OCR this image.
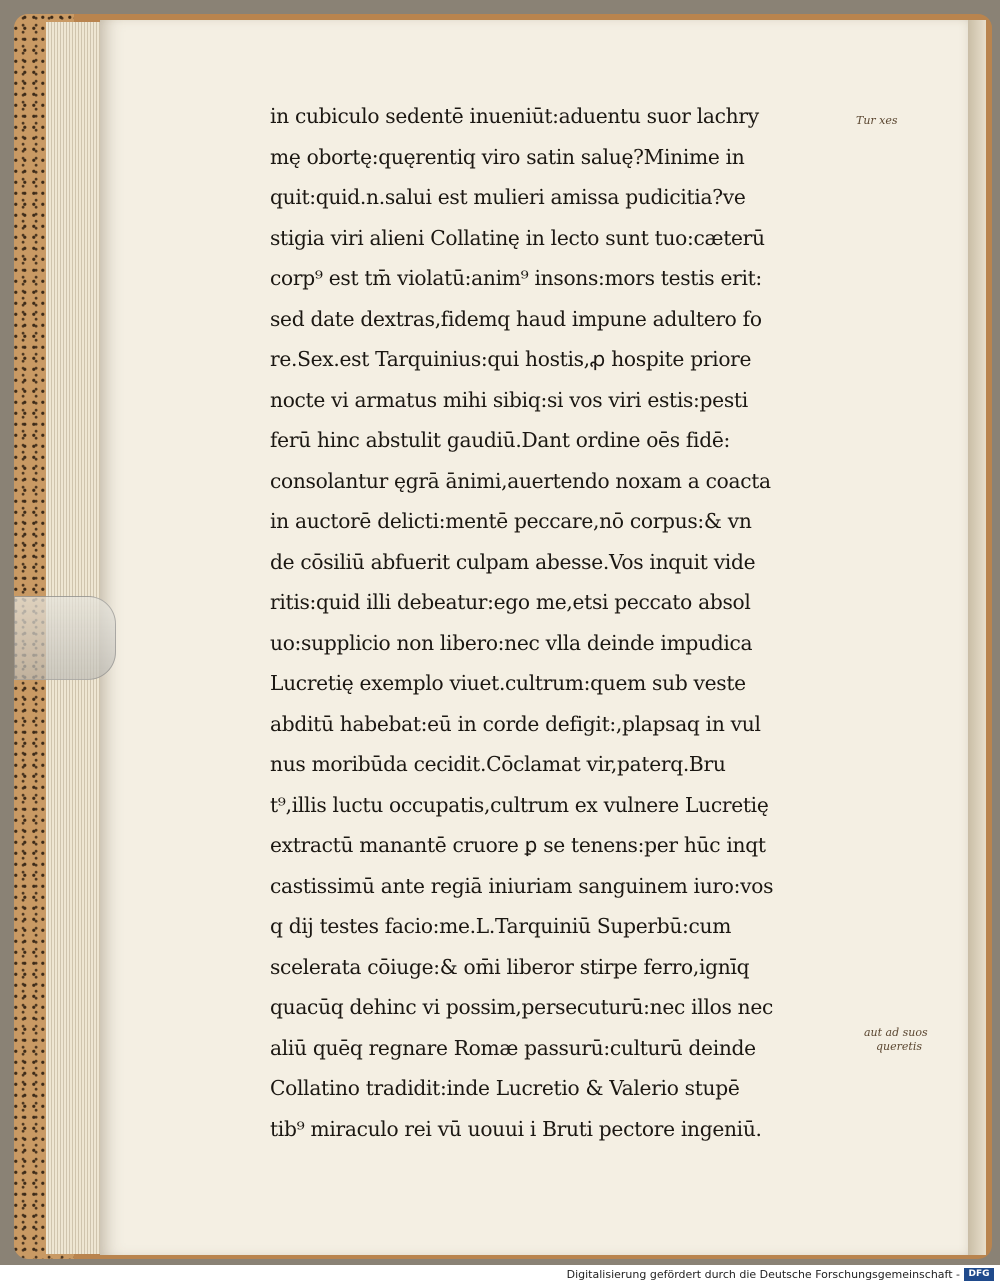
in cubiculo sedentē inueniūt:aduentu suor lachry
mę obortę:quęrentiq viro satin saluę?Minime in
quit:quid.n.salui est mulieri amissa pudicitia?ve
stigia viri alieni Collatinę in lecto sunt tuo:cæterū
corp⁹ est tm̄ violatū:anim⁹ insons:mors testis erit:
sed date dextras,fidemq haud impune adultero fo
re.Sex.est Tarquinius:qui hostis,ꝓ hospite priore
nocte vi armatus mihi sibiq:si vos viri estis:pesti
ferū hinc abstulit gaudiū.Dant ordine oēs fidē:
consolantur ęgrā ānimi,auertendo noxam a coacta
in auctorē delicti:mentē peccare,nō corpus:& vn
de cōsiliū abfuerit culpam abesse.Vos inquit vide
ritis:quid illi debeatur:ego me,etsi peccato absol
uo:supplicio non libero:nec vlla deinde impudica
Lucretię exemplo viuet.cultrum:quem sub veste
abditū habebat:eū in corde defigit:,plapsaq in vul
nus moribūda cecidit.Cōclamat vir,paterq.Bru
t⁹,illis luctu occupatis,cultrum ex vulnere Lucretię
extractū manantē cruore ꝑ se tenens:per hūc inqt
castissimū ante regiā iniuriam sanguinem iuro:vos
q dij testes facio:me.L.Tarquiniū Superbū:cum
scelerata cōiuge:& om̄i liberor stirpe ferro,ignīq
quacūq dehinc vi possim,persecuturū:nec illos nec
aliū quēq regnare Romæ passurū:culturū deinde
Collatino tradidit:inde Lucretio & Valerio stupē
tib⁹ miraculo rei vū uouui i Bruti pectore ingeniū.
Tur xes
aut ad suos
queretis
Digitalisierung gefördert durch die Deutsche Forschungsgemeinschaft - DFG
